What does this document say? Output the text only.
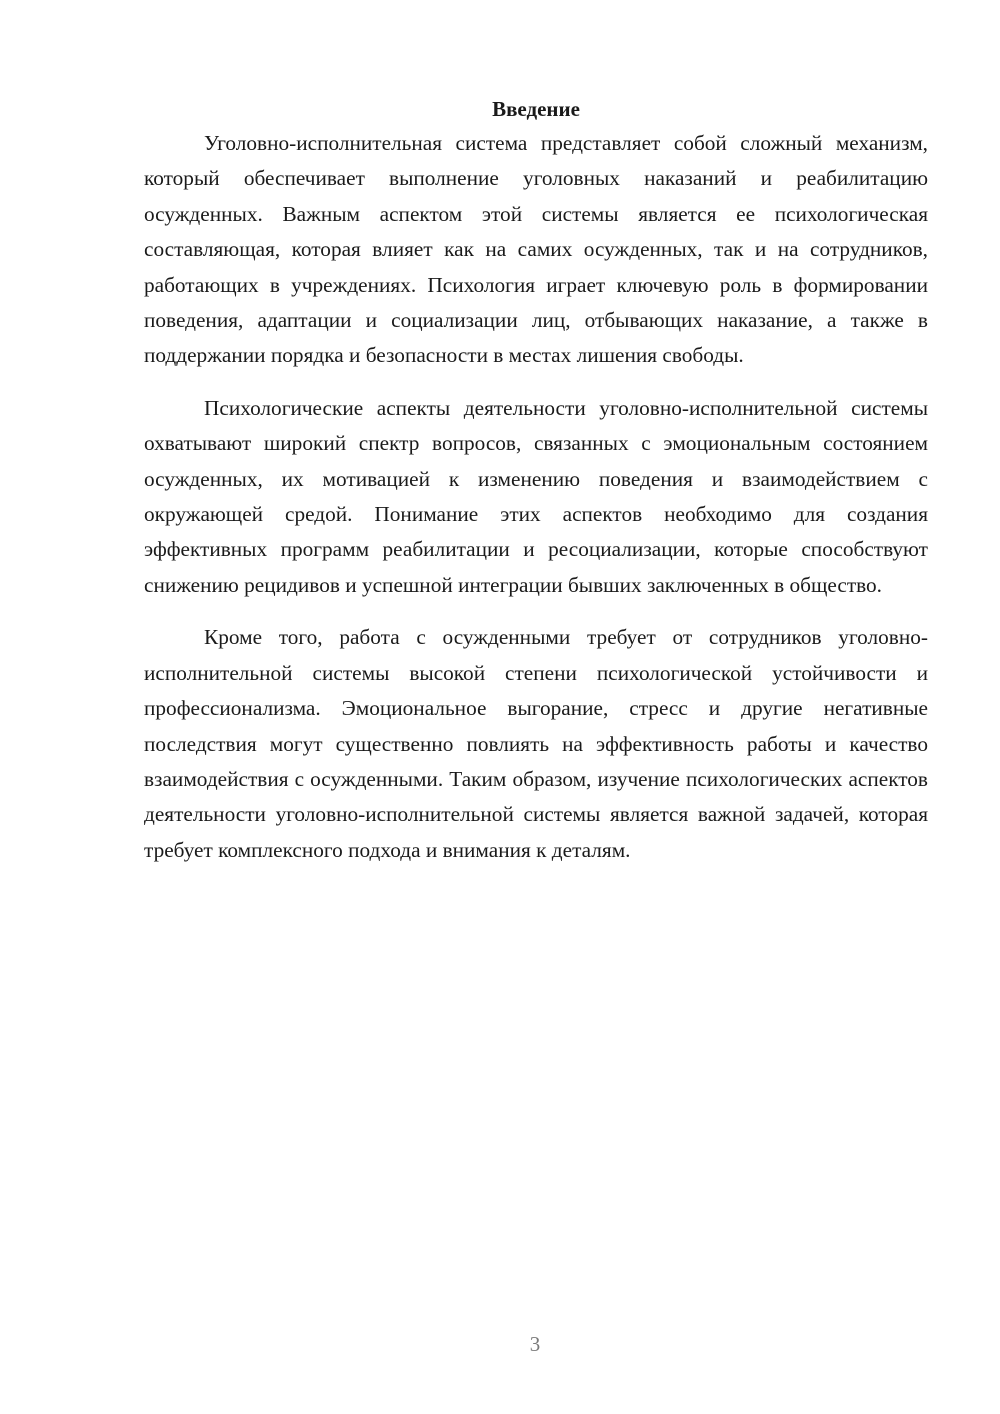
Введение

Уголовно-исполнительная система представляет собой сложный механизм, который обеспечивает выполнение уголовных наказаний и реабилитацию осужденных. Важным аспектом этой системы является ее психологическая составляющая, которая влияет как на самих осужденных, так и на сотрудников, работающих в учреждениях. Психология играет ключевую роль в формировании поведения, адаптации и социализации лиц, отбывающих наказание, а также в поддержании порядка и безопасности в местах лишения свободы.

Психологические аспекты деятельности уголовно-исполнительной системы охватывают широкий спектр вопросов, связанных с эмоциональным состоянием осужденных, их мотивацией к изменению поведения и взаимодействием с окружающей средой. Понимание этих аспектов необходимо для создания эффективных программ реабилитации и ресоциализации, которые способствуют снижению рецидивов и успешной интеграции бывших заключенных в общество.

Кроме того, работа с осужденными требует от сотрудников уголовно-исполнительной системы высокой степени психологической устойчивости и профессионализма. Эмоциональное выгорание, стресс и другие негативные последствия могут существенно повлиять на эффективность работы и качество взаимодействия с осужденными. Таким образом, изучение психологических аспектов деятельности уголовно-исполнительной системы является важной задачей, которая требует комплексного подхода и внимания к деталям.

3
